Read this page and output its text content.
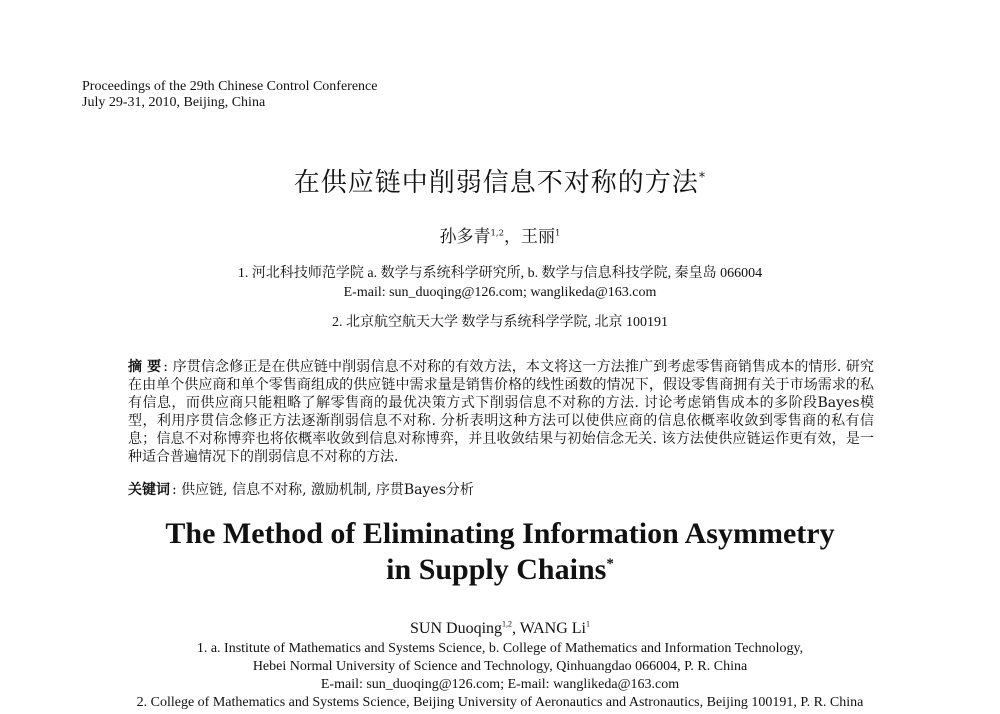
Proceedings of the 29th Chinese Control Conference
July 29-31, 2010, Beijing, China
在供应链中削弱信息不对称的方法*
孙多青$^{1,2}$，王丽$^1$
1. 河北科技师范学院 a. 数学与系统科学研究所, b. 数学与信息科技学院, 秦皇岛 066004
E-mail: sun_duoqing@126.com; wanglikeda@163.com
2. 北京航空航天大学 数学与系统科学学院, 北京 100191
摘 要 : 序贯信念修正是在供应链中削弱信息不对称的有效方法，本文将这一方法推广到考虑零售商销售成本的情形. 研究在由单个供应商和单个零售商组成的供应链中需求量是销售价格的线性函数的情况下，假设零售商拥有关于市场需求的私有信息，而供应商只能粗略了解零售商的最优决策方式下削弱信息不对称的方法. 讨论考虑销售成本的多阶段Bayes模型，利用序贯信念修正方法逐渐削弱信息不对称. 分析表明这种方法可以使供应商的信息依概率收敛到零售商的私有信息；信息不对称博弈也将依概率收敛到信息对称博弈，并且收敛结果与初始信念无关. 该方法使供应链运作更有效，是一种适合普遍情况下的削弱信息不对称的方法.
关键词 : 供应链, 信息不对称, 激励机制, 序贯Bayes分析
The Method of Eliminating Information Asymmetry
in Supply Chains*
SUN Duoqing$^{1,2}$, WANG Li$^1$
1. a. Institute of Mathematics and Systems Science, b. College of Mathematics and Information Technology,
Hebei Normal University of Science and Technology, Qinhuangdao 066004, P. R. China
E-mail: sun_duoqing@126.com; E-mail: wanglikeda@163.com
2. College of Mathematics and Systems Science, Beijing University of Aeronautics and Astronautics, Beijing 100191, P. R. China
